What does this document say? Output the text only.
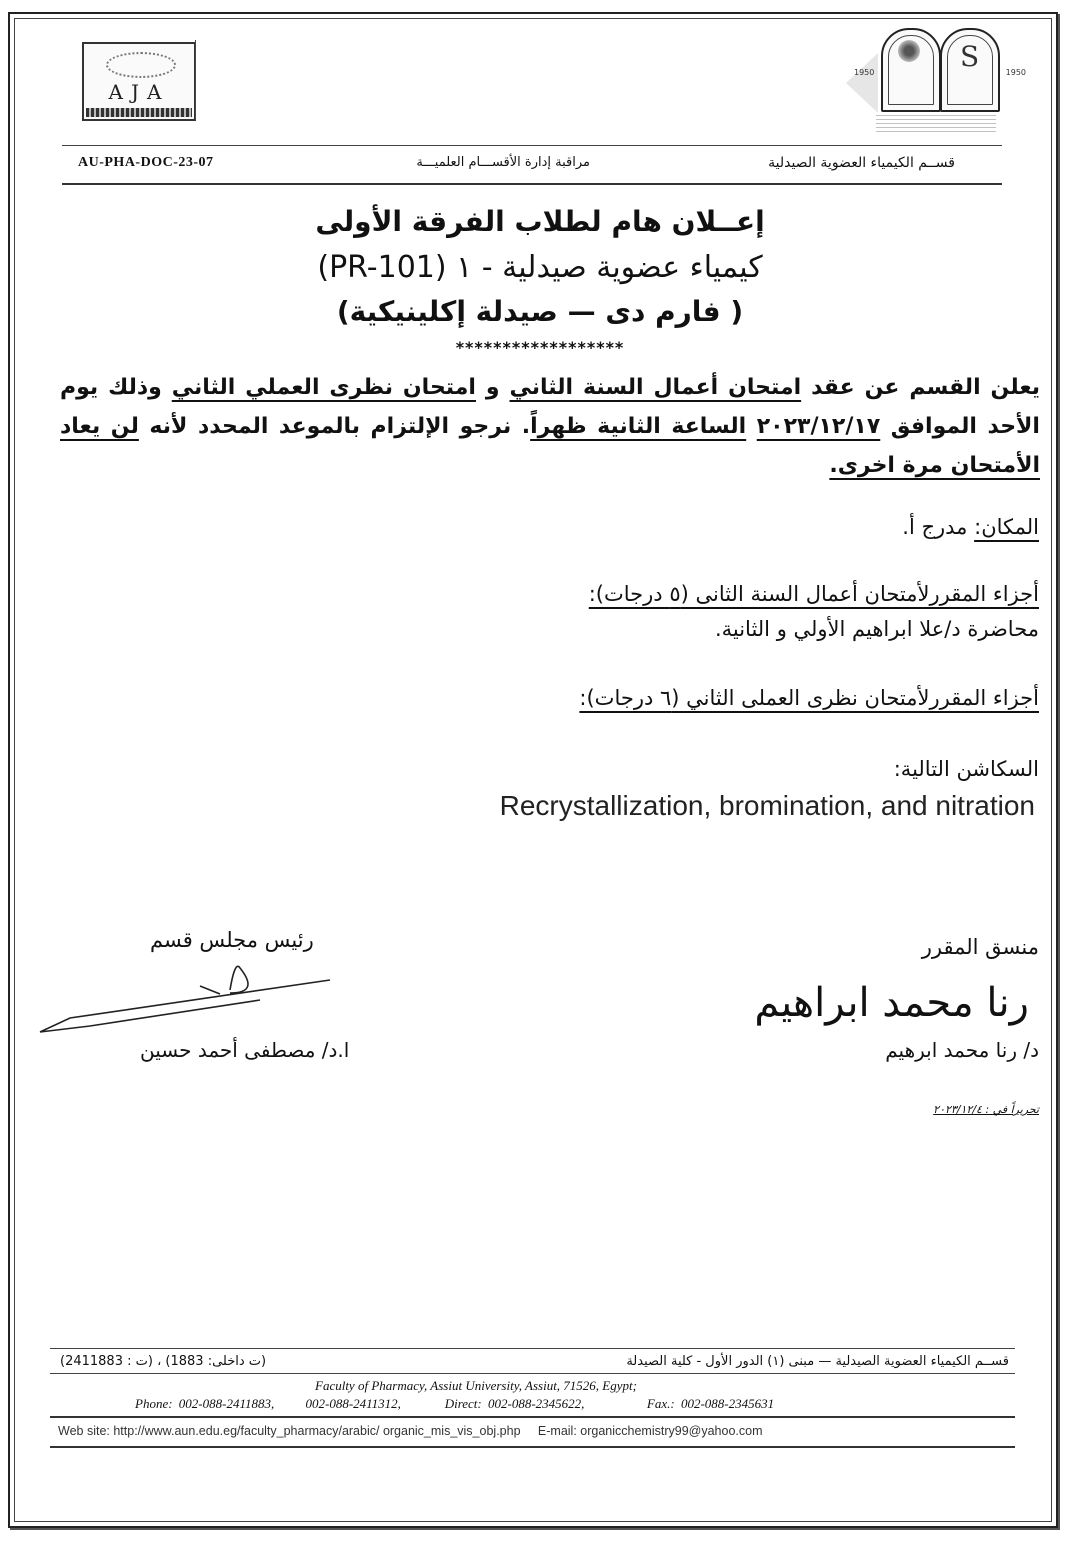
AJA
1950	1950
S
AU-PHA-DOC-23-07	مراقبة إدارة الأقســـام العلميـــة	قســم الكيمياء العضوية الصيدلية
إعــلان هام لطلاب الفرقة الأولى
كيمياء عضوية صيدلية - ١ (PR-101)
( فارم دى — صيدلة إكلينيكية)
******************
يعلن القسم عن عقد امتحان أعمال السنة الثاني و امتحان نظرى العملي الثاني وذلك يوم الأحد الموافق ٢٠٢٣/١٢/١٧ الساعة الثانية ظهراً. نرجو الإلتزام بالموعد المحدد لأنه لن يعاد الأمتحان مرة اخرى.
المكان: مدرج أ.
أجزاء المقررلأمتحان أعمال السنة الثانى (٥ درجات):
محاضرة د/علا ابراهيم الأولي و الثانية.
أجزاء المقررلأمتحان نظرى العملى الثاني (٦ درجات):
السكاشن التالية:
Recrystallization, bromination, and nitration
رئيس مجلس قسم
ا.د/ مصطفى أحمد حسين
منسق المقرر
رنا محمد ابراهيم
د/ رنا محمد ابرهيم
تحريراً في : ٢٠٢٣/١٢/٤
قســم الكيمياء العضوية الصيدلية — مبنى (١) الدور الأول - كلية الصيدلة
(ت داخلى: 1883) ، (ت : 2411883)
Faculty of Pharmacy, Assiut University, Assiut, 71526, Egypt;
Phone: 002-088-2411883, 002-088-2411312,	Direct: 002-088-2345622,	Fax.: 002-088-2345631
Web site: http://www.aun.edu.eg/faculty_pharmacy/arabic/ organic_mis_vis_obj.php E-mail: organicchemistry99@yahoo.com
